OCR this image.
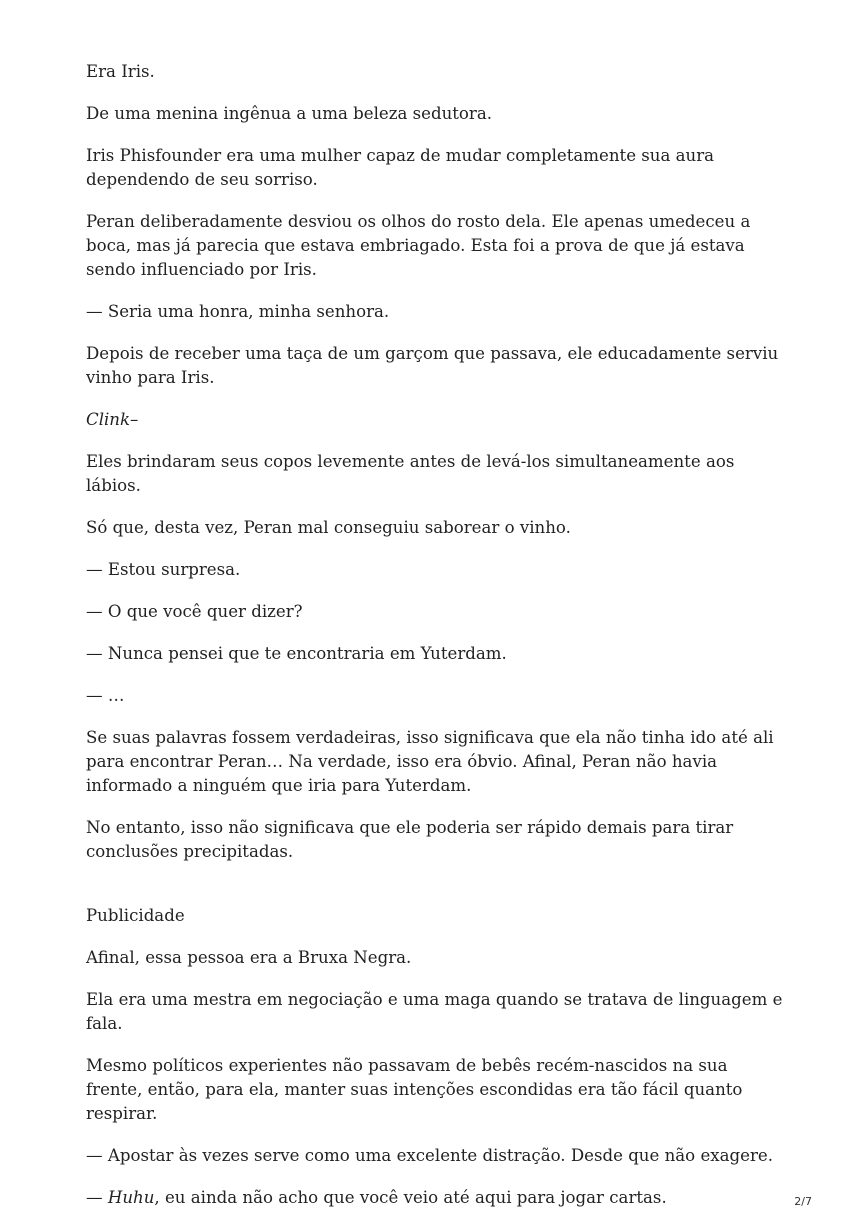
Era Iris.

De uma menina ingênua a uma beleza sedutora.

Iris Phisfounder era uma mulher capaz de mudar completamente sua aura dependendo de seu sorriso.

Peran deliberadamente desviou os olhos do rosto dela. Ele apenas umedeceu a boca, mas já parecia que estava embriagado. Esta foi a prova de que já estava sendo influenciado por Iris.

— Seria uma honra, minha senhora.

Depois de receber uma taça de um garçom que passava, ele educadamente serviu vinho para Iris.

Clink–

Eles brindaram seus copos levemente antes de levá-los simultaneamente aos lábios.

Só que, desta vez, Peran mal conseguiu saborear o vinho.

— Estou surpresa.

— O que você quer dizer?

— Nunca pensei que te encontraria em Yuterdam.

— …

Se suas palavras fossem verdadeiras, isso significava que ela não tinha ido até ali para encontrar Peran… Na verdade, isso era óbvio. Afinal, Peran não havia informado a ninguém que iria para Yuterdam.

No entanto, isso não significava que ele poderia ser rápido demais para tirar conclusões precipitadas.

Publicidade

Afinal, essa pessoa era a Bruxa Negra.

Ela era uma mestra em negociação e uma maga quando se tratava de linguagem e fala.

Mesmo políticos experientes não passavam de bebês recém-nascidos na sua frente, então, para ela, manter suas intenções escondidas era tão fácil quanto respirar.

— Apostar às vezes serve como uma excelente distração. Desde que não exagere.

— Huhu, eu ainda não acho que você veio até aqui para jogar cartas.	2/7
